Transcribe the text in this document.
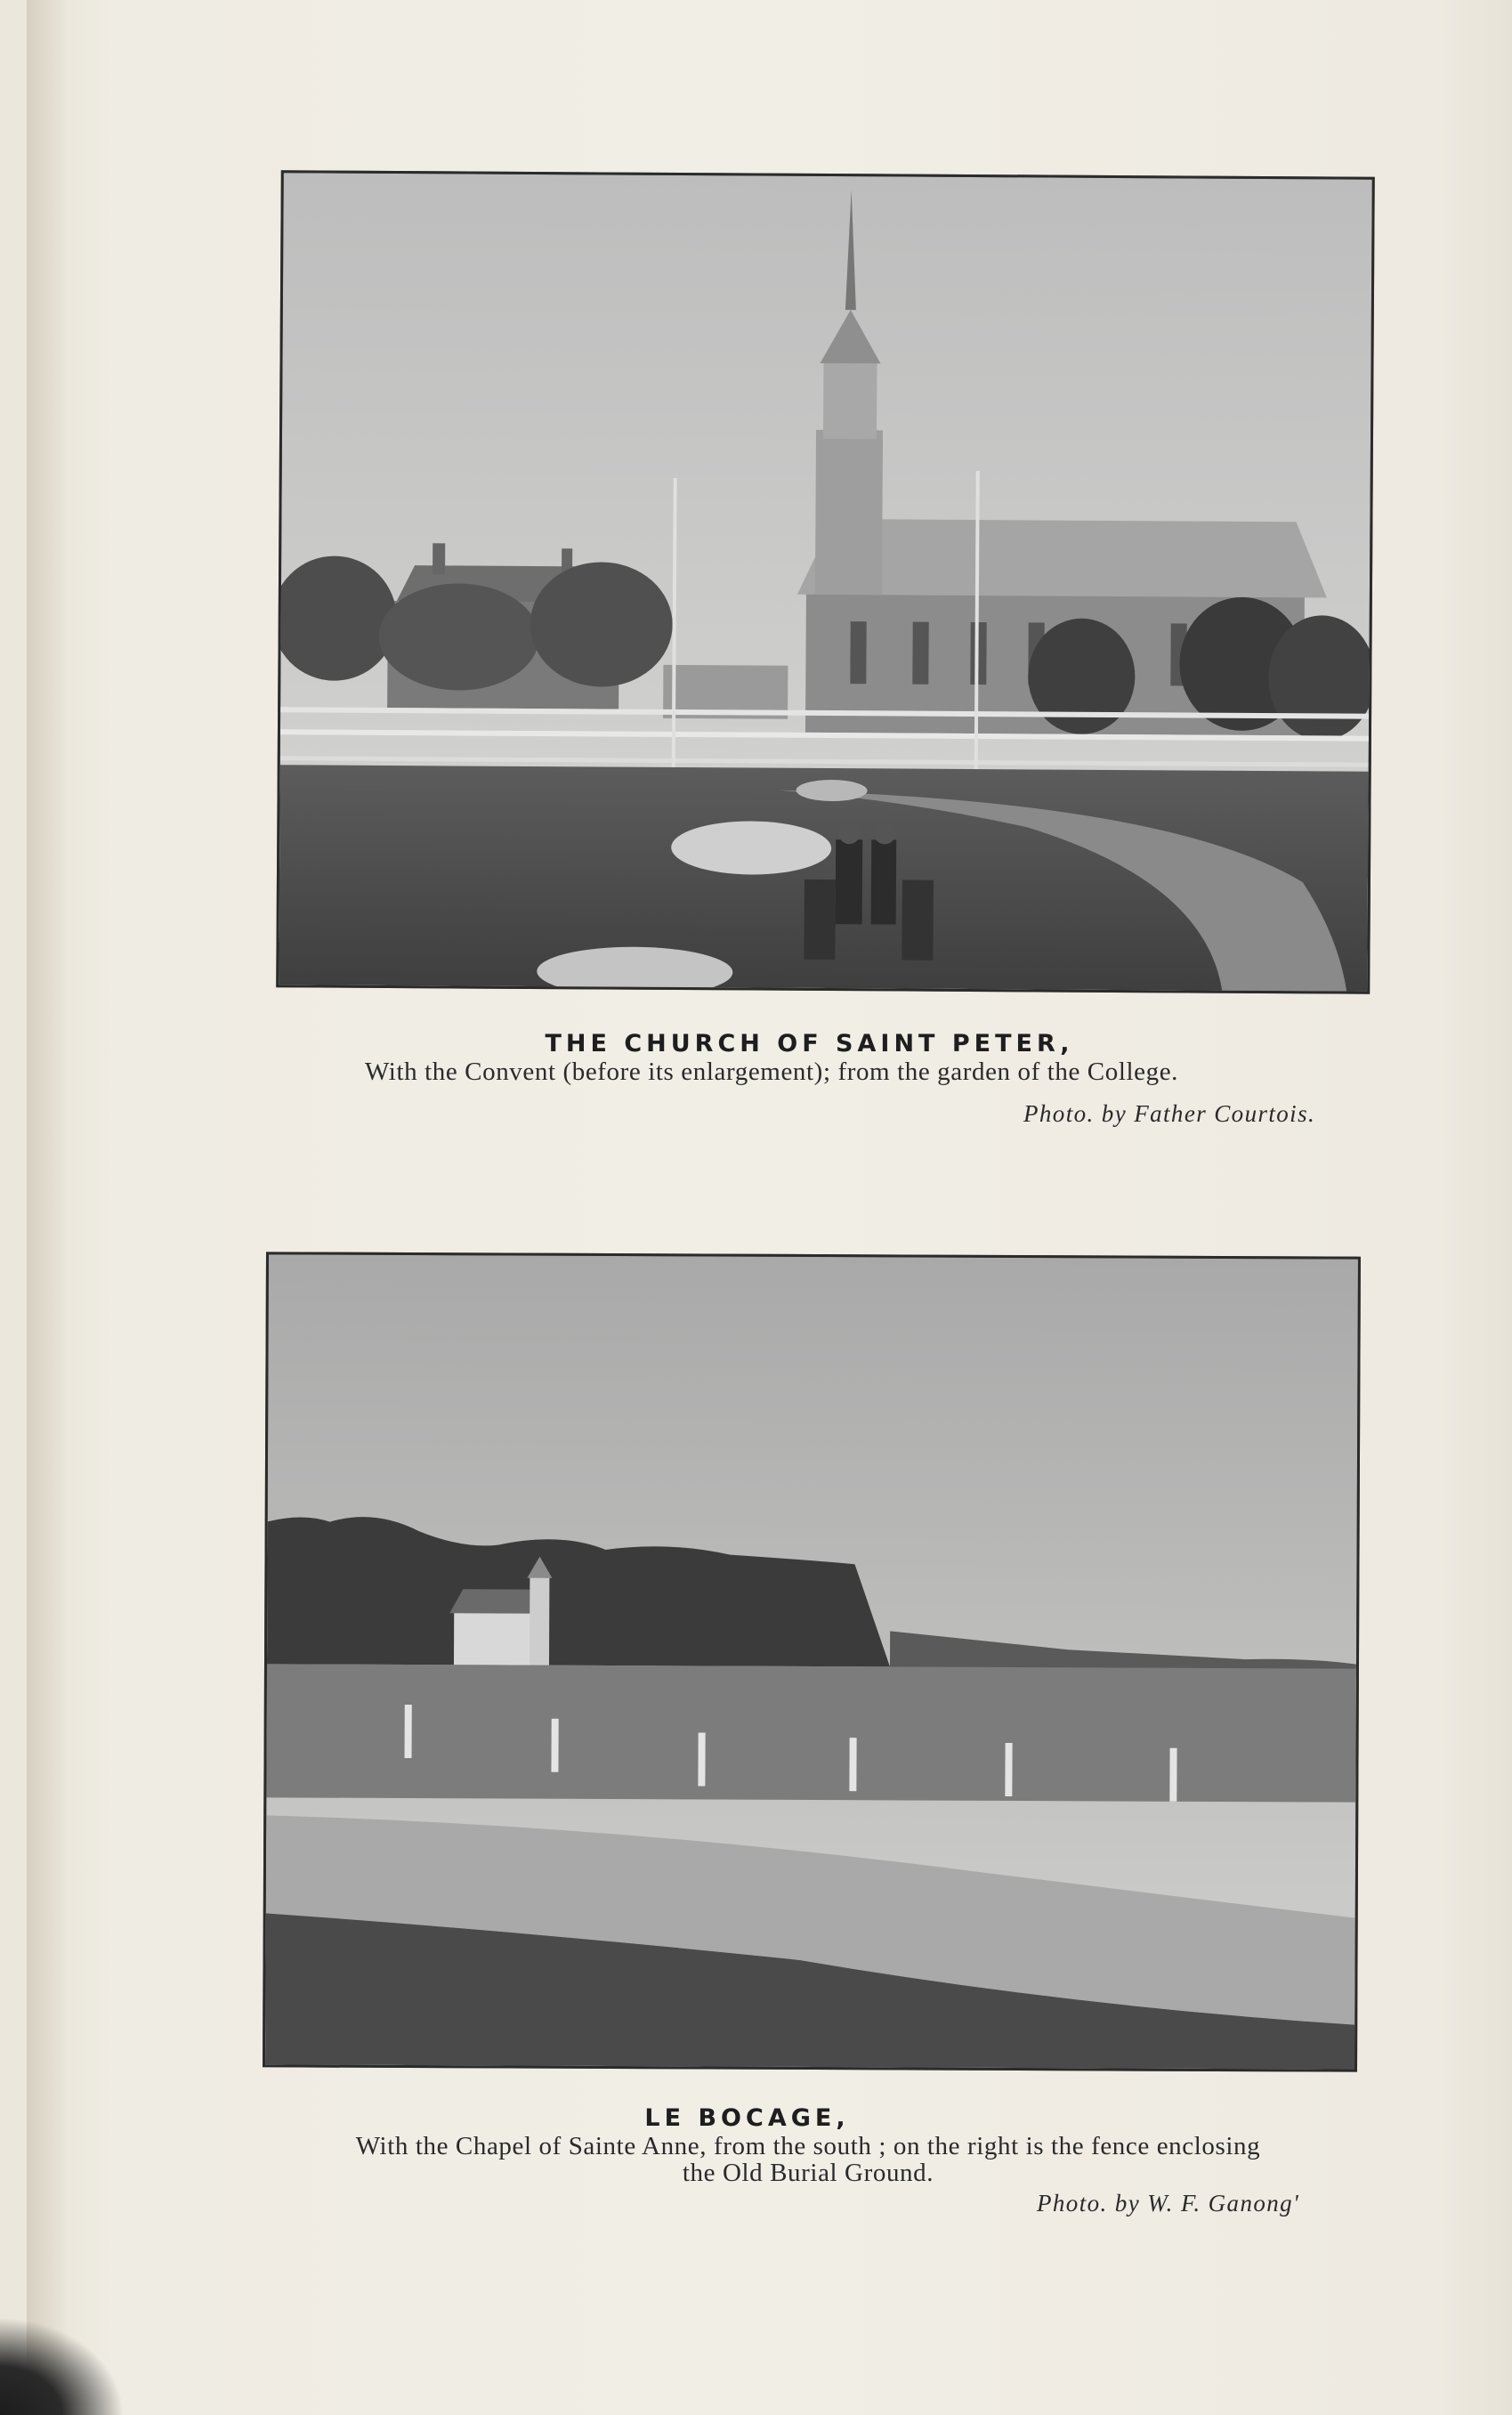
THE CHURCH OF SAINT PETER,
With the Convent (before its enlargement); from the garden of the College.
Photo. by Father Courtois.
LE BOCAGE,
With the Chapel of Sainte Anne, from the south ; on the right is the fence enclosing
the Old Burial Ground.
Photo. by W. F. Ganong'
